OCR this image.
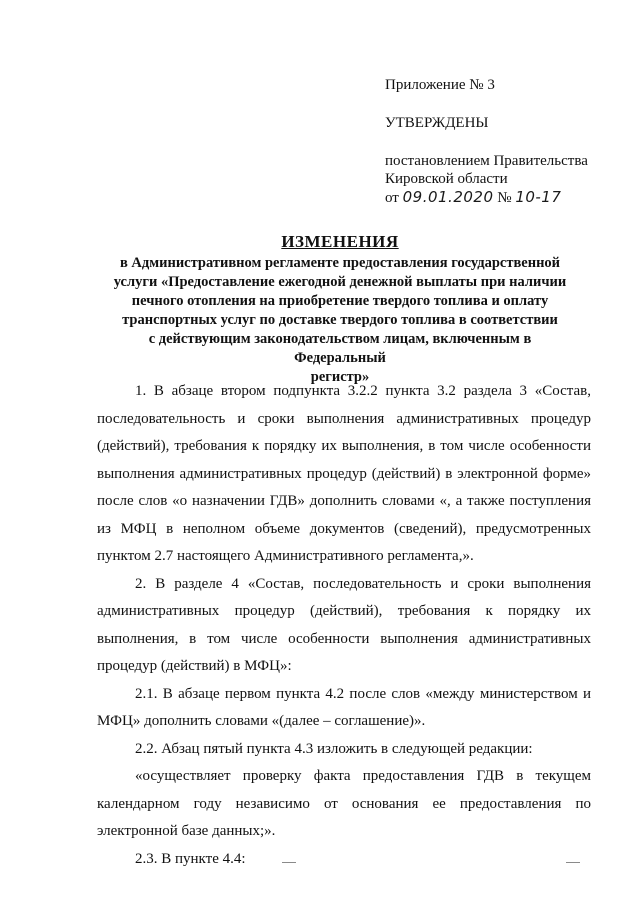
Приложение № 3

УТВЕРЖДЕНЫ

постановлением Правительства

Кировской области

от 09.01.2020 № 10-17

ИЗМЕНЕНИЯ

в Административном регламенте предоставления государственной

услуги «Предоставление ежегодной денежной выплаты при наличии

печного отопления на приобретение твердого топлива и оплату

транспортных услуг по доставке твердого топлива в соответствии

с действующим законодательством лицам, включенным в Федеральный

регистр»

1. В абзаце втором подпункта 3.2.2 пункта 3.2 раздела 3 «Состав, последовательность и сроки выполнения административных процедур (действий), требования к порядку их выполнения, в том числе особенности выполнения административных процедур (действий) в электронной форме» после слов «о назначении ГДВ» дополнить словами «, а также поступления из МФЦ в неполном объеме документов (сведений), предусмотренных пунктом 2.7 настоящего Административного регламента,».

2. В разделе 4 «Состав, последовательность и сроки выполнения административных процедур (действий), требования к порядку их выполнения, в том числе особенности выполнения административных процедур (действий) в МФЦ»:

2.1. В абзаце первом пункта 4.2 после слов «между министерством и МФЦ» дополнить словами «(далее – соглашение)».

2.2. Абзац пятый пункта 4.3 изложить в следующей редакции:

«осуществляет проверку факта предоставления ГДВ в текущем календарном году независимо от основания ее предоставления по электронной базе данных;».

2.3. В пункте 4.4:
